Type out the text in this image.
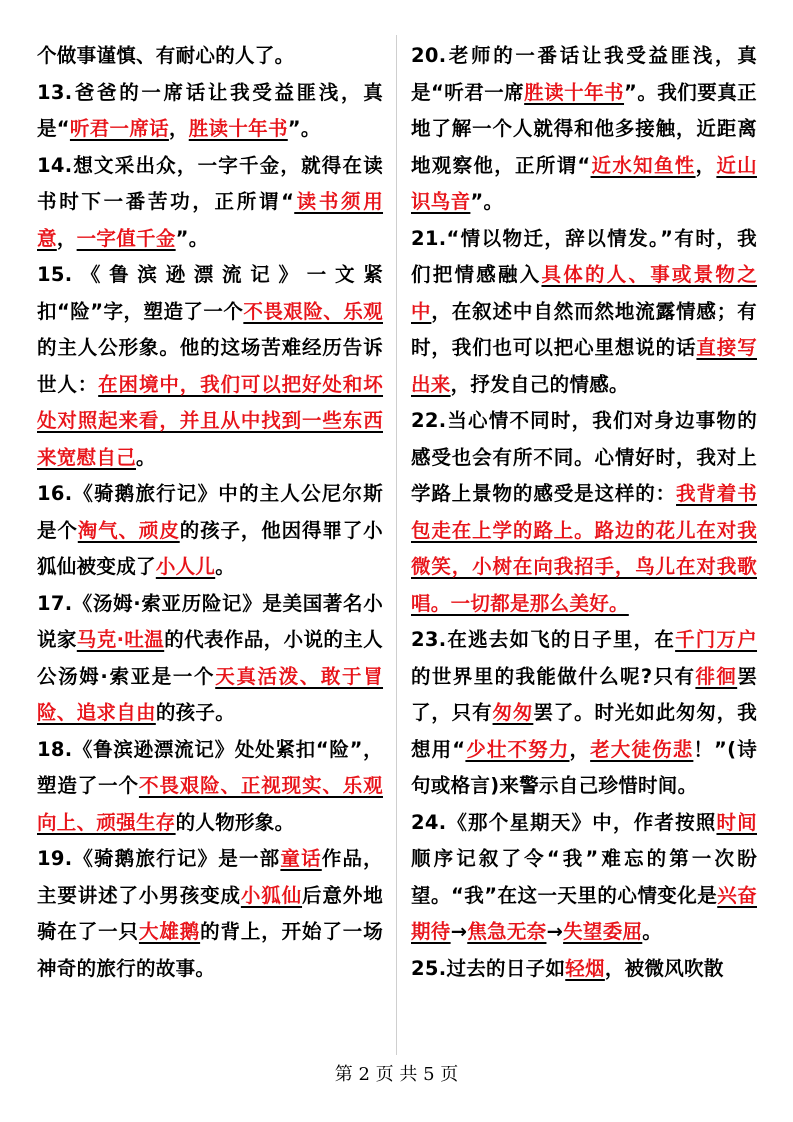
个做事谨慎、有耐心的人了。

13.爸爸的一席话让我受益匪浅，真是“听君一席话，胜读十年书”。

14.想文采出众，一字千金，就得在读书时下一番苦功，正所谓“读书须用意，一字值千金”。

15.《鲁滨逊漂流记》一文紧扣“险”字，塑造了一个不畏艰险、乐观的主人公形象。他的这场苦难经历告诉世人：在困境中，我们可以把好处和坏处对照起来看，并且从中找到一些东西来宽慰自己。

16.《骑鹅旅行记》中的主人公尼尔斯是个淘气、顽皮的孩子，他因得罪了小狐仙被变成了小人儿。

17.《汤姆·索亚历险记》是美国著名小说家马克·吐温的代表作品，小说的主人公汤姆·索亚是一个天真活泼、敢于冒险、追求自由的孩子。

18.《鲁滨逊漂流记》处处紧扣“险”，塑造了一个不畏艰险、正视现实、乐观向上、顽强生存的人物形象。

19.《骑鹅旅行记》是一部童话作品，主要讲述了小男孩变成小狐仙后意外地骑在了一只大雄鹅的背上，开始了一场神奇的旅行的故事。

20.老师的一番话让我受益匪浅，真是“听君一席胜读十年书”。我们要真正地了解一个人就得和他多接触，近距离地观察他，正所谓“近水知鱼性，近山识鸟音”。

21.“情以物迁，辞以情发。”有时，我们把情感融入具体的人、事或景物之中，在叙述中自然而然地流露情感；有时，我们也可以把心里想说的话直接写出来，抒发自己的情感。

22.当心情不同时，我们对身边事物的感受也会有所不同。心情好时，我对上学路上景物的感受是这样的：我背着书包走在上学的路上。路边的花儿在对我微笑，小树在向我招手，鸟儿在对我歌唱。一切都是那么美好。

23.在逃去如飞的日子里，在千门万户的世界里的我能做什么呢?只有徘徊罢了，只有匆匆罢了。时光如此匆匆，我想用“少壮不努力，老大徒伤悲！”(诗句或格言)来警示自己珍惜时间。

24.《那个星期天》中，作者按照时间顺序记叙了令“我”难忘的第一次盼望。“我”在这一天里的心情变化是兴奋期待→焦急无奈→失望委屈。

25.过去的日子如轻烟，被微风吹散

第 2 页 共 5 页
